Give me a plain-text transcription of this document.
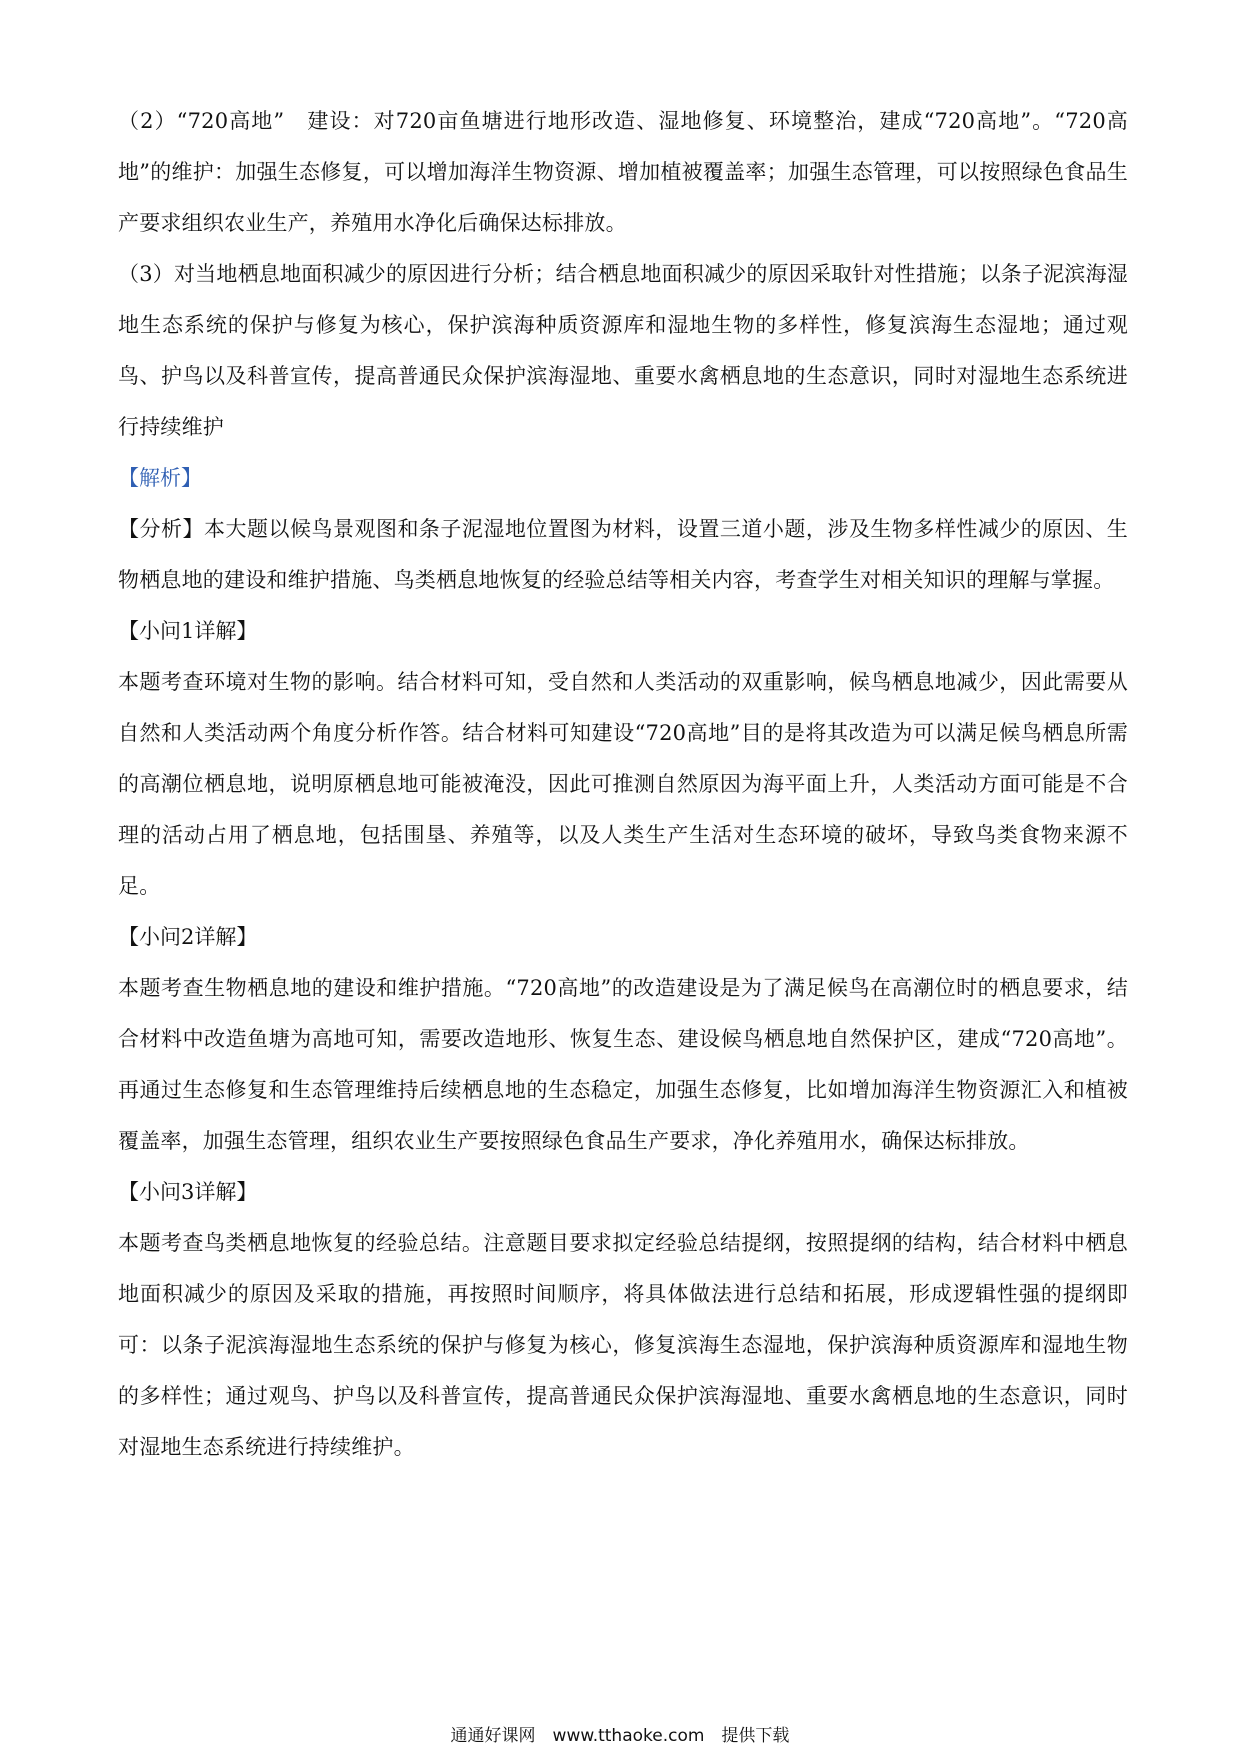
（2）“720高地”　建设：对720亩鱼塘进行地形改造、湿地修复、环境整治，建成“720高地”。“720高地”的维护：加强生态修复，可以增加海洋生物资源、增加植被覆盖率；加强生态管理，可以按照绿色食品生产要求组织农业生产，养殖用水净化后确保达标排放。

（3）对当地栖息地面积减少的原因进行分析；结合栖息地面积减少的原因采取针对性措施；以条子泥滨海湿地生态系统的保护与修复为核心，保护滨海种质资源库和湿地生物的多样性，修复滨海生态湿地；通过观鸟、护鸟以及科普宣传，提高普通民众保护滨海湿地、重要水禽栖息地的生态意识，同时对湿地生态系统进行持续维护

【解析】

【分析】本大题以候鸟景观图和条子泥湿地位置图为材料，设置三道小题，涉及生物多样性减少的原因、生物栖息地的建设和维护措施、鸟类栖息地恢复的经验总结等相关内容，考查学生对相关知识的理解与掌握。

【小问1详解】

本题考查环境对生物的影响。结合材料可知，受自然和人类活动的双重影响，候鸟栖息地减少，因此需要从自然和人类活动两个角度分析作答。结合材料可知建设“720高地”目的是将其改造为可以满足候鸟栖息所需的高潮位栖息地，说明原栖息地可能被淹没，因此可推测自然原因为海平面上升，人类活动方面可能是不合理的活动占用了栖息地，包括围垦、养殖等，以及人类生产生活对生态环境的破坏，导致鸟类食物来源不足。

【小问2详解】

本题考查生物栖息地的建设和维护措施。“720高地”的改造建设是为了满足候鸟在高潮位时的栖息要求，结合材料中改造鱼塘为高地可知，需要改造地形、恢复生态、建设候鸟栖息地自然保护区，建成“720高地”。再通过生态修复和生态管理维持后续栖息地的生态稳定，加强生态修复，比如增加海洋生物资源汇入和植被覆盖率，加强生态管理，组织农业生产要按照绿色食品生产要求，净化养殖用水，确保达标排放。

【小问3详解】

本题考查鸟类栖息地恢复的经验总结。注意题目要求拟定经验总结提纲，按照提纲的结构，结合材料中栖息地面积减少的原因及采取的措施，再按照时间顺序，将具体做法进行总结和拓展，形成逻辑性强的提纲即可：以条子泥滨海湿地生态系统的保护与修复为核心，修复滨海生态湿地，保护滨海种质资源库和湿地生物的多样性；通过观鸟、护鸟以及科普宣传，提高普通民众保护滨海湿地、重要水禽栖息地的生态意识，同时对湿地生态系统进行持续维护。

通通好课网　www.tthaoke.com　提供下载
